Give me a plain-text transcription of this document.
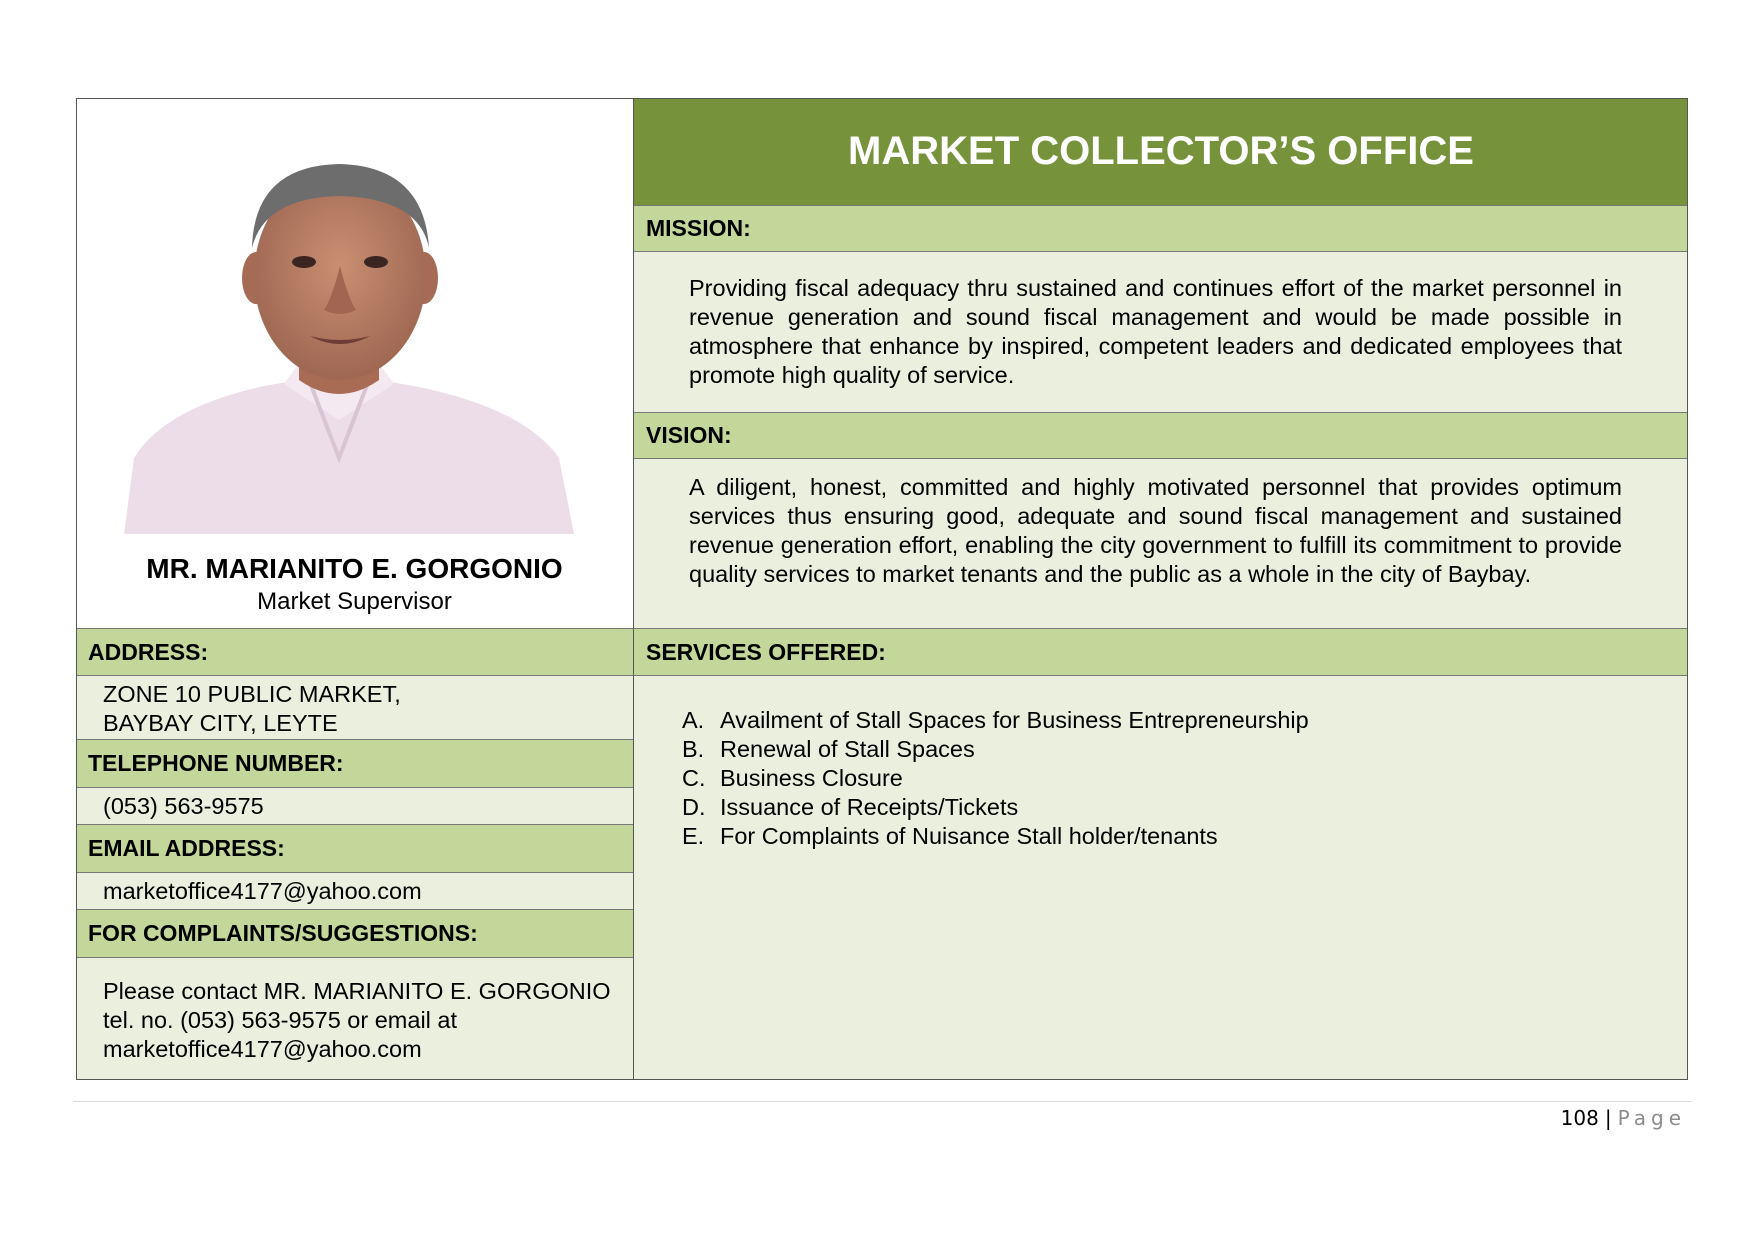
MR. MARIANITO E. GORGONIO
Market Supervisor
MARKET COLLECTOR’S OFFICE
MISSION:
Providing fiscal adequacy thru sustained and continues effort of the market personnel in revenue generation and sound fiscal management and would be made possible in atmosphere that enhance by inspired, competent leaders and dedicated employees that promote high quality of service.
VISION:
A diligent, honest, committed and highly motivated personnel that provides optimum services thus ensuring good, adequate and sound fiscal management and sustained revenue generation effort, enabling the city government to fulfill its commitment to provide quality services to market tenants and the public as a whole in the city of Baybay.
ADDRESS:
ZONE 10 PUBLIC MARKET,
BAYBAY CITY, LEYTE
TELEPHONE NUMBER:
(053) 563-9575
EMAIL ADDRESS:
marketoffice4177@yahoo.com
FOR COMPLAINTS/SUGGESTIONS:
Please contact MR. MARIANITO E. GORGONIO tel. no. (053) 563-9575 or email at marketoffice4177@yahoo.com
SERVICES OFFERED:
A. Availment of Stall Spaces for Business Entrepreneurship
B. Renewal of Stall Spaces
C. Business Closure
D. Issuance of Receipts/Tickets
E. For Complaints of Nuisance Stall holder/tenants
108 | Page
